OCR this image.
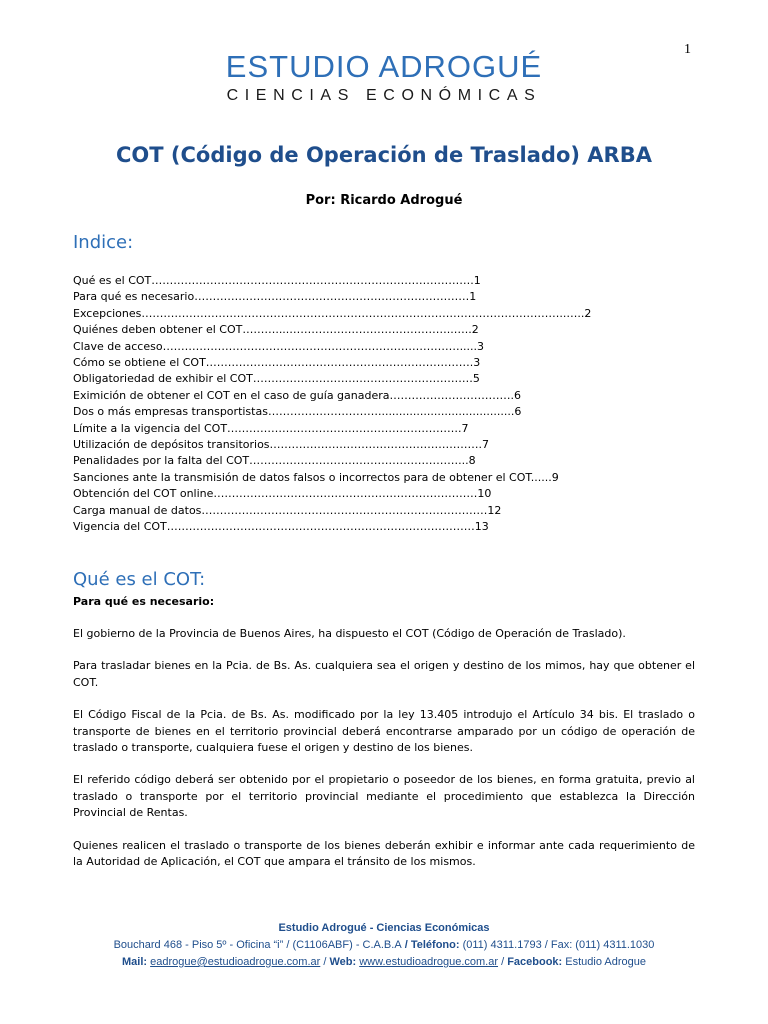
1
ESTUDIO ADROGUÉ
CIENCIAS ECONÓMICAS
COT (Código de Operación de Traslado) ARBA
Por: Ricardo Adrogué
Indice:
Qué es el COT…………………………………………………………………………….1
Para qué es necesario…………………………………………………………………1
Excepciones……………………………………………………………………………………………………..…..2
Quiénes deben obtener el COT………....…………….………………………..…..2
Clave de acceso……………………………………………………………………….....3
Cómo se obtiene el COT……………………………………………………………….3
Obligatoriedad de exhibir el COT……………………………………………………5
Eximición de obtener el COT en el caso de guía ganadera…………………………….6
Dos o más empresas transportistas………………………….......................................6
Límite a la vigencia del COT……………………………………………………….7
Utilización de depósitos transitorios………………………………………………….7
Penalidades por la falta del COT…………………………………………………...8
Sanciones ante la transmisión de datos falsos o incorrectos para de obtener el COT......9
Obtención del COT online………………………………………………………………10
Carga manual de datos……………………………………………………………………12
Vigencia del COT…………………………………………………………………………13
Qué es el COT:

Para qué es necesario:

El gobierno de la Provincia de Buenos Aires, ha dispuesto el COT (Código de Operación de Traslado).

Para trasladar bienes en la Pcia. de Bs. As. cualquiera sea el origen y destino de los mimos, hay que obtener el COT.

El Código Fiscal de la Pcia. de Bs. As. modificado por la ley 13.405 introdujo el Artículo 34 bis. El traslado o transporte de bienes en el territorio provincial deberá encontrarse amparado por un código de operación de traslado o transporte, cualquiera fuese el origen y destino de los bienes.

El referido código deberá ser obtenido por el propietario o poseedor de los bienes, en forma gratuita, previo al traslado o transporte por el territorio provincial mediante el procedimiento que establezca la Dirección Provincial de Rentas.

Quienes realicen el traslado o transporte de los bienes deberán exhibir e informar ante cada requerimiento de la Autoridad de Aplicación, el COT que ampara el tránsito de los mismos.

Estudio Adrogué - Ciencias Económicas
Bouchard 468 - Piso 5º - Oficina “i” / (C1106ABF) - C.A.B.A / Teléfono: (011) 4311.1793 / Fax: (011) 4311.1030
Mail: eadrogue@estudioadrogue.com.ar / Web: www.estudioadrogue.com.ar / Facebook: Estudio Adrogue
